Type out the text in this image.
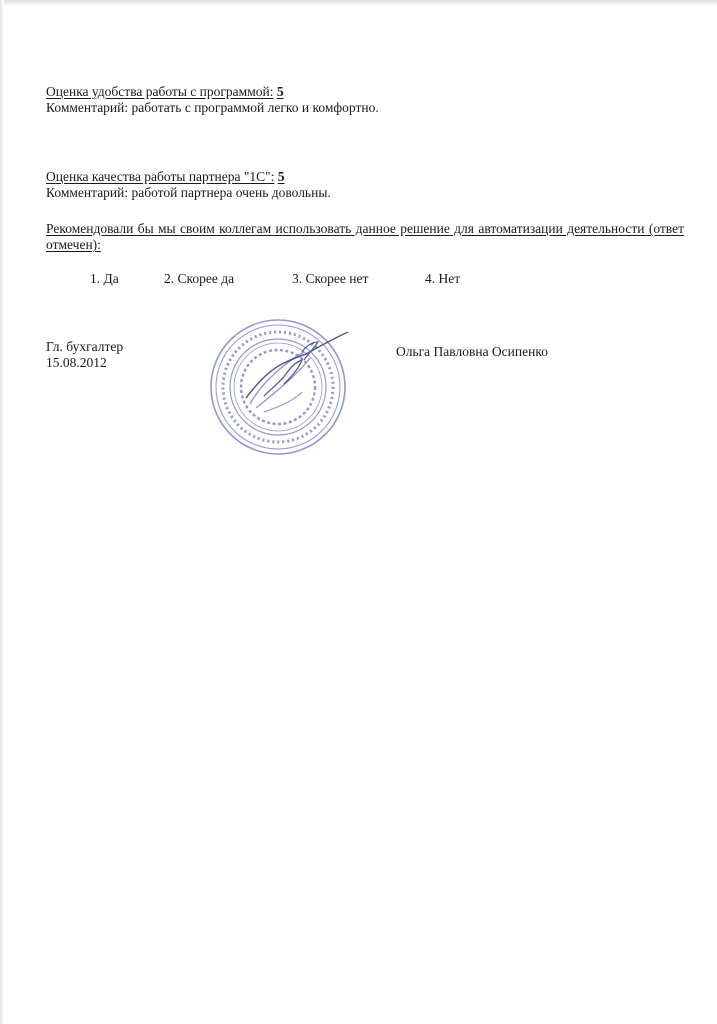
Оценка удобства работы с программой: 5
Комментарий: работать с программой легко и комфортно.
Оценка качества работы партнера "1С": 5
Комментарий: работой партнера очень довольны.
Рекомендовали бы мы своим коллегам использовать данное решение для автоматизации деятельности (ответ отмечен):
1. Да	2. Скорее да	3. Скорее нет	4. Нет
Гл. бухгалтер
15.08.2012
Ольга Павловна Осипенко
